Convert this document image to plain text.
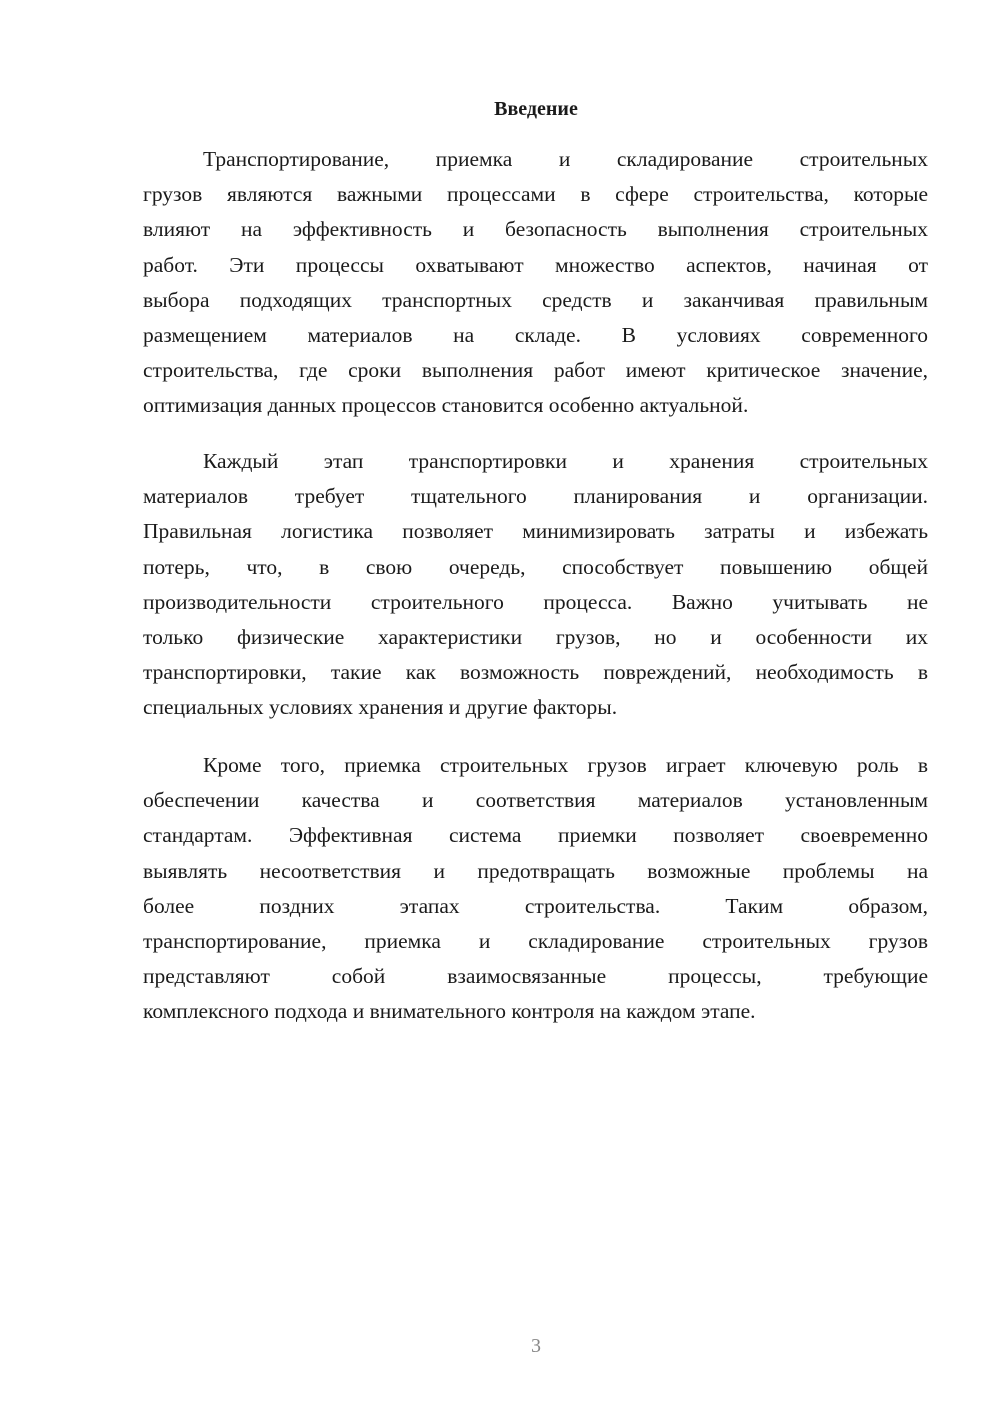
Введение
Транспортирование, приемка и складирование строительных
грузов являются важными процессами в сфере строительства, которые
влияют на эффективность и безопасность выполнения строительных
работ. Эти процессы охватывают множество аспектов, начиная от
выбора подходящих транспортных средств и заканчивая правильным
размещением материалов на складе. В условиях современного
строительства, где сроки выполнения работ имеют критическое значение,
оптимизация данных процессов становится особенно актуальной.
Каждый этап транспортировки и хранения строительных
материалов требует тщательного планирования и организации.
Правильная логистика позволяет минимизировать затраты и избежать
потерь, что, в свою очередь, способствует повышению общей
производительности строительного процесса. Важно учитывать не
только физические характеристики грузов, но и особенности их
транспортировки, такие как возможность повреждений, необходимость в
специальных условиях хранения и другие факторы.
Кроме того, приемка строительных грузов играет ключевую роль в
обеспечении качества и соответствия материалов установленным
стандартам. Эффективная система приемки позволяет своевременно
выявлять несоответствия и предотвращать возможные проблемы на
более поздних этапах строительства. Таким образом,
транспортирование, приемка и складирование строительных грузов
представляют собой взаимосвязанные процессы, требующие
комплексного подхода и внимательного контроля на каждом этапе.
3
